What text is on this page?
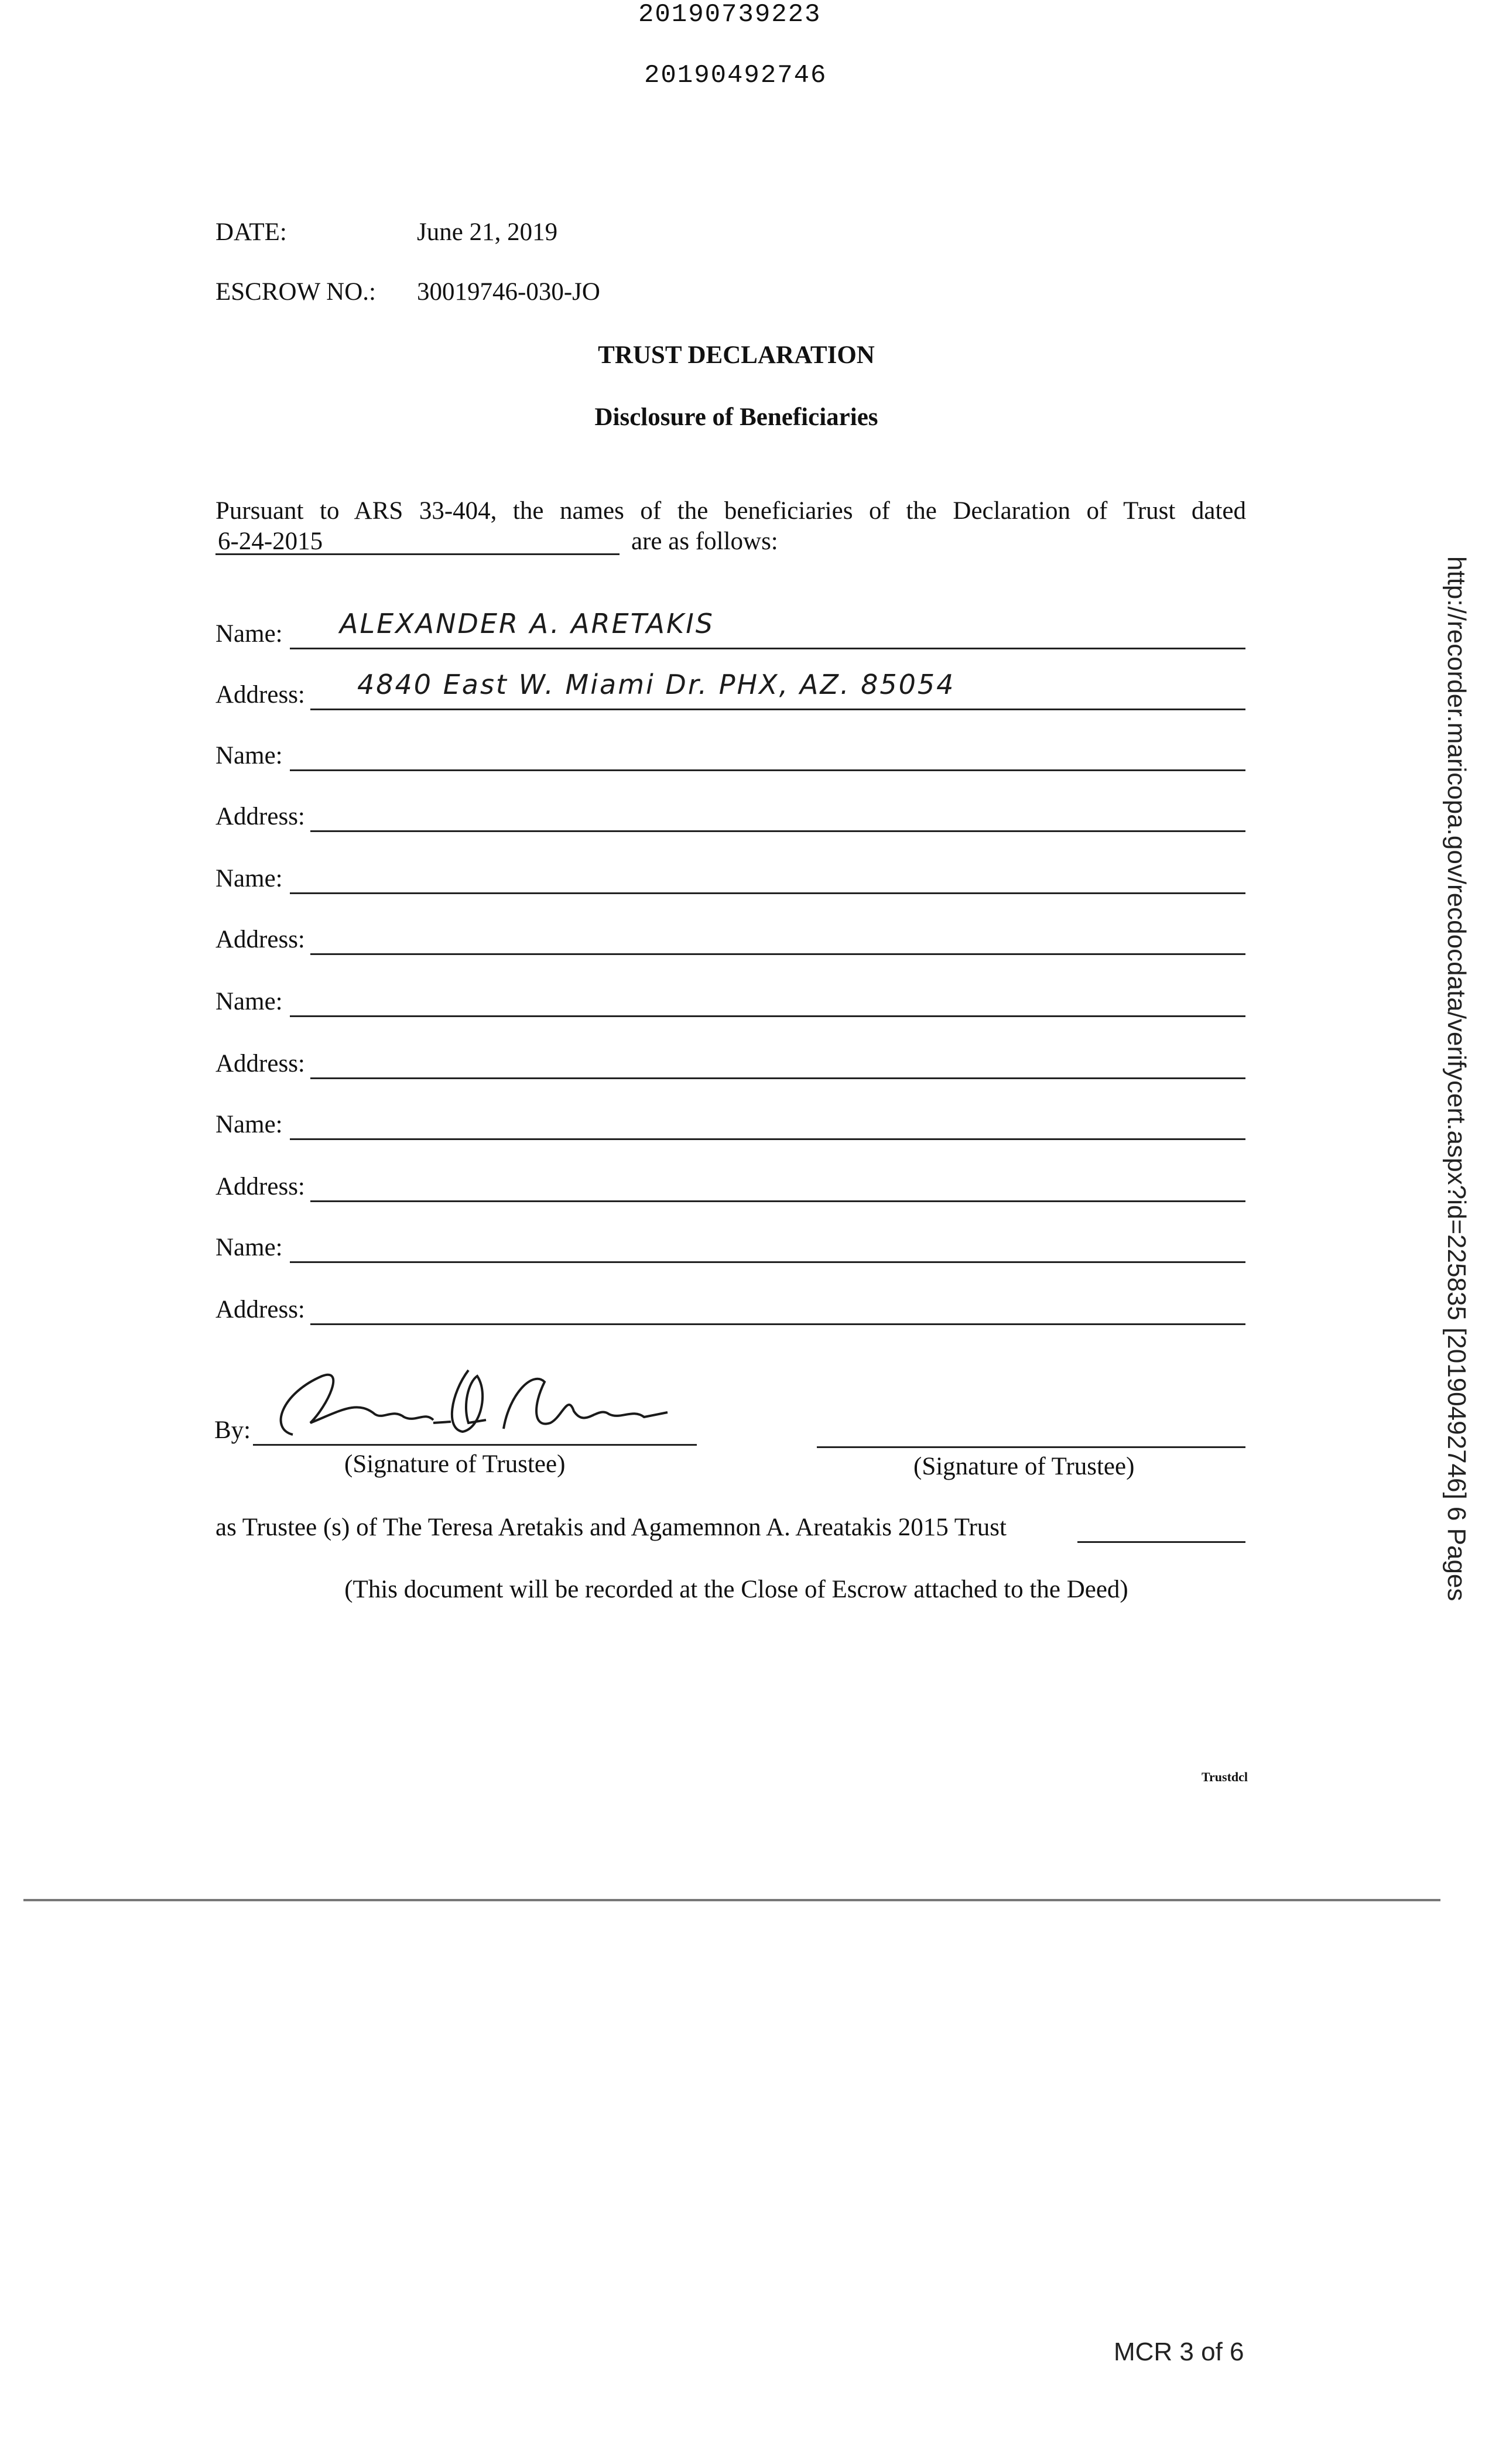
20190739223
20190492746
DATE:	June 21, 2019
ESCROW NO.: 30019746-030-JO
TRUST DECLARATION
Disclosure of Beneficiaries
Pursuant to ARS 33-404, the names of the beneficiaries of the Declaration of Trust dated
6-24-2015	are as follows:
Name: ALEXANDER A. ARETAKIS
Address: 4840 East W. Miami Dr. PHX, AZ. 85054
Name:
Address:
Name:
Address:
Name:
Address:
Name:
Address:
Name:
Address:
By:
(Signature of Trustee)	(Signature of Trustee)
as Trustee (s) of The Teresa Aretakis and Agamemnon A. Areatakis 2015 Trust
(This document will be recorded at the Close of Escrow attached to the Deed)
Trustdcl
http://recorder.maricopa.gov/recdocdata/verifycert.aspx?id=225835 [20190492746] 6 Pages
MCR 3 of 6
